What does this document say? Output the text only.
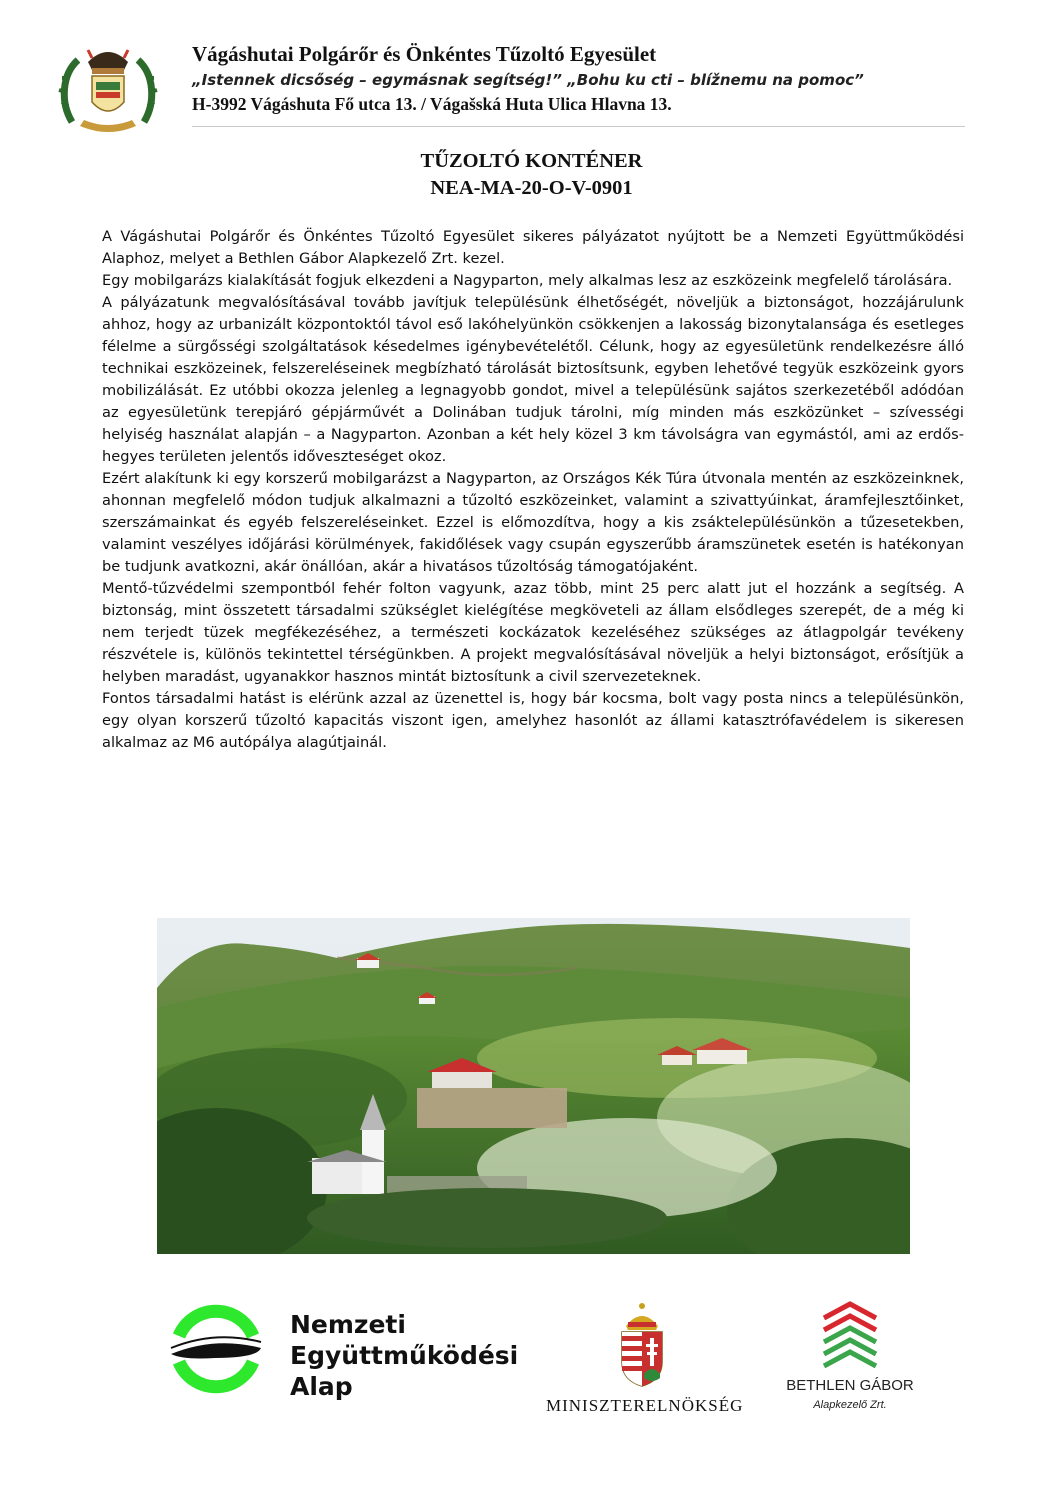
Vágáshutai Polgárőr és Önkéntes Tűzoltó Egyesület
„Istennek dicsőség – egymásnak segítség!” „Bohu ku cti – blížnemu na pomoc”
H-3992 Vágáshuta Fő utca 13. / Vágašská Huta Ulica Hlavna 13.
TŰZOLTÓ KONTÉNER
NEA-MA-20-O-V-0901

A Vágáshutai Polgárőr és Önkéntes Tűzoltó Egyesület sikeres pályázatot nyújtott be a Nemzeti Együttműködési Alaphoz, melyet a Bethlen Gábor Alapkezelő Zrt. kezel.

Egy mobilgarázs kialakítását fogjuk elkezdeni a Nagyparton, mely alkalmas lesz az eszközeink megfelelő tárolására.

A pályázatunk megvalósításával tovább javítjuk településünk élhetőségét, növeljük a biztonságot, hozzájárulunk ahhoz, hogy az urbanizált központoktól távol eső lakóhelyünkön csökkenjen a lakosság bizonytalansága és esetleges félelme a sürgősségi szolgáltatások késedelmes igénybevételétől. Célunk, hogy az egyesületünk rendelkezésre álló technikai eszközeinek, felszereléseinek megbízható tárolását biztosítsunk, egyben lehetővé tegyük eszközeink gyors mobilizálását. Ez utóbbi okozza jelenleg a legnagyobb gondot, mivel a településünk sajátos szerkezetéből adódóan az egyesületünk terepjáró gépjárművét a Dolinában tudjuk tárolni, míg minden más eszközünket – szívességi helyiség használat alapján – a Nagyparton. Azonban a két hely közel 3 km távolságra van egymástól, ami az erdős-hegyes területen jelentős időveszteséget okoz.

Ezért alakítunk ki egy korszerű mobilgarázst a Nagyparton, az Országos Kék Túra útvonala mentén az eszközeinknek, ahonnan megfelelő módon tudjuk alkalmazni a tűzoltó eszközeinket, valamint a szivattyúinkat, áramfejlesztőinket, szerszámainkat és egyéb felszereléseinket. Ezzel is előmozdítva, hogy a kis zsáktelepülésünkön a tűzesetekben, valamint veszélyes időjárási körülmények, fakidőlések vagy csupán egyszerűbb áramszünetek esetén is hatékonyan be tudjunk avatkozni, akár önállóan, akár a hivatásos tűzoltóság támogatójaként.

Mentő-tűzvédelmi szempontból fehér folton vagyunk, azaz több, mint 25 perc alatt jut el hozzánk a segítség. A biztonság, mint összetett társadalmi szükséglet kielégítése megköveteli az állam elsődleges szerepét, de a még ki nem terjedt tüzek megfékezéséhez, a természeti kockázatok kezeléséhez szükséges az átlagpolgár tevékeny részvétele is, különös tekintettel térségünkben. A projekt megvalósításával növeljük a helyi biztonságot, erősítjük a helyben maradást, ugyanakkor hasznos mintát biztosítunk a civil szervezeteknek.

Fontos társadalmi hatást is elérünk azzal az üzenettel is, hogy bár kocsma, bolt vagy posta nincs a településünkön, egy olyan korszerű tűzoltó kapacitás viszont igen, amelyhez hasonlót az állami katasztrófavédelem is sikeresen alkalmaz az M6 autópálya alagútjainál.

Nemzeti
Együttműködési
Alap
MINISZTERELNÖKSÉG
BETHLEN GÁBOR
Alapkezelő Zrt.
